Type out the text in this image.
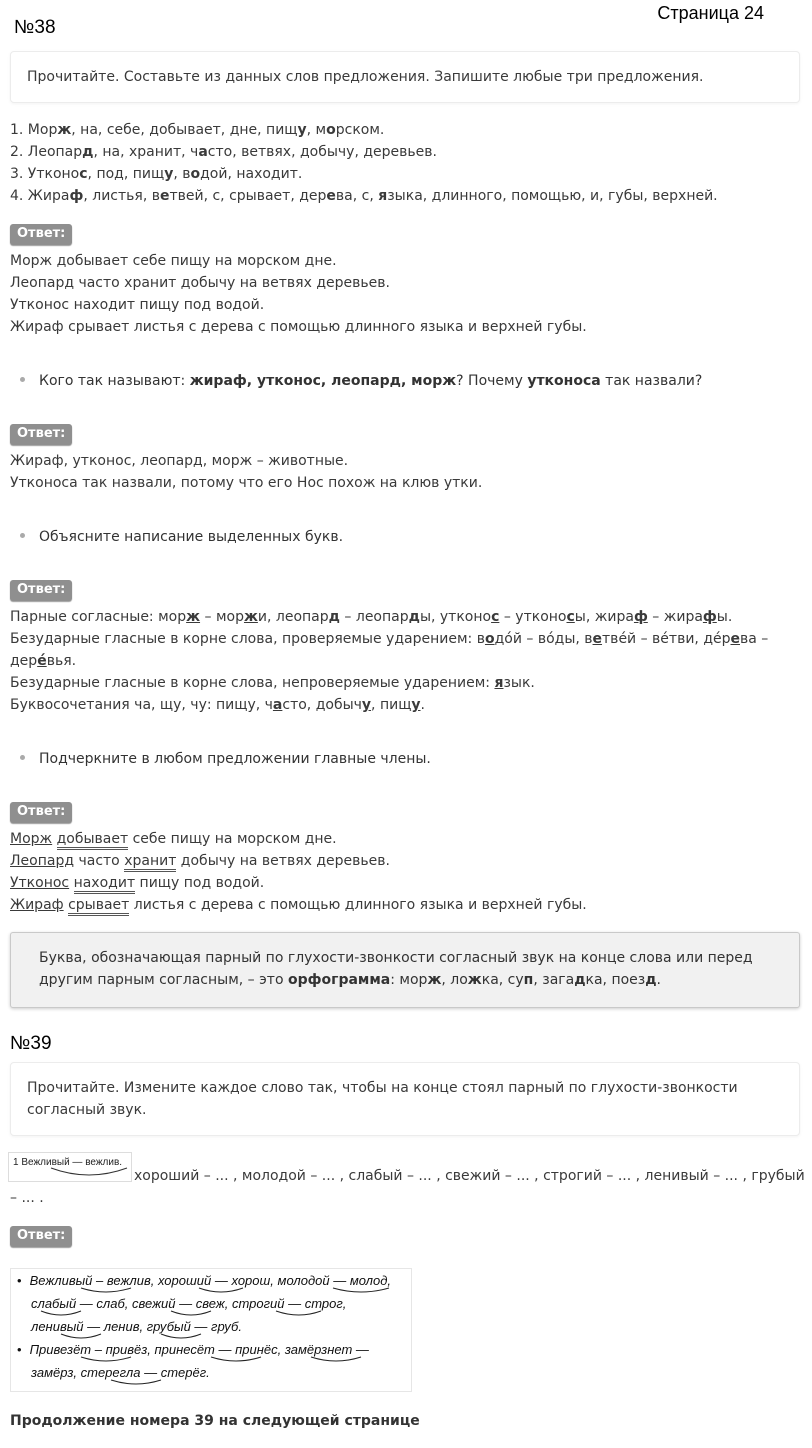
Страница 24
№38
Прочитайте. Составьте из данных слов предложения. Запишите любые три предложения.
1. Морж, на, себе, добывает, дне, пищу, морском.
2. Леопард, на, хранит, часто, ветвях, добычу, деревьев.
3. Утконос, под, пищу, водой, находит.
4. Жираф, листья, ветвей, с, срывает, дерева, с, языка, длинного, помощью, и, губы, верхней.
Ответ:
Морж добывает себе пищу на морском дне.
Леопард часто хранит добычу на ветвях деревьев.
Утконос находит пищу под водой.
Жираф срывает листья с дерева с помощью длинного языка и верхней губы.
Кого так называют: жираф, утконос, леопард, морж? Почему утконоса так назвали?
Ответ:
Жираф, утконос, леопард, морж – животные.
Утконоса так назвали, потому что его Нос похож на клюв утки.
Объясните написание выделенных букв.
Ответ:
Парные согласные: морж – моржи, леопард – леопарды, утконос – утконосы, жираф – жирафы.
Безударные гласные в корне слова, проверяемые ударением: водо́й – во́ды, ветвéй – вéтви, дéрева –
дере́вья.
Безударные гласные в корне слова, непроверяемые ударением: язык.
Буквосочетания ча, щу, чу: пищу, часто, добычу, пищу.
Подчеркните в любом предложении главные члены.
Ответ:
Морж добывает себе пищу на морском дне.
Леопард часто хранит добычу на ветвях деревьев.
Утконос находит пищу под водой.
Жираф срывает листья с дерева с помощью длинного языка и верхней губы.
Буква, обозначающая парный по глухости-звонкости согласный звук на конце слова или перед
другим парным согласным, – это орфограмма: морж, ложка, суп, загадка, поезд.
№39
Прочитайте. Измените каждое слово так, чтобы на конце стоял парный по глухости-звонкости
согласный звук.
1 Вежливый — вежлив.
хороший – ... , молодой – ... , слабый – ... , свежий – ... , строгий – ... , ленивый – ... , грубый
– ... .
Ответ:
• Вежливый – вежлив, хороший — хорош, молодой — молод,
слабый — слаб, свежий — свеж, строгий — строг,
ленивый — ленив, грубый — груб.
• Привезёт – привёз, принесёт — принёс, замёрзнет —
замёрз, стерегла — стерёг.
Продолжение номера 39 на следующей странице
